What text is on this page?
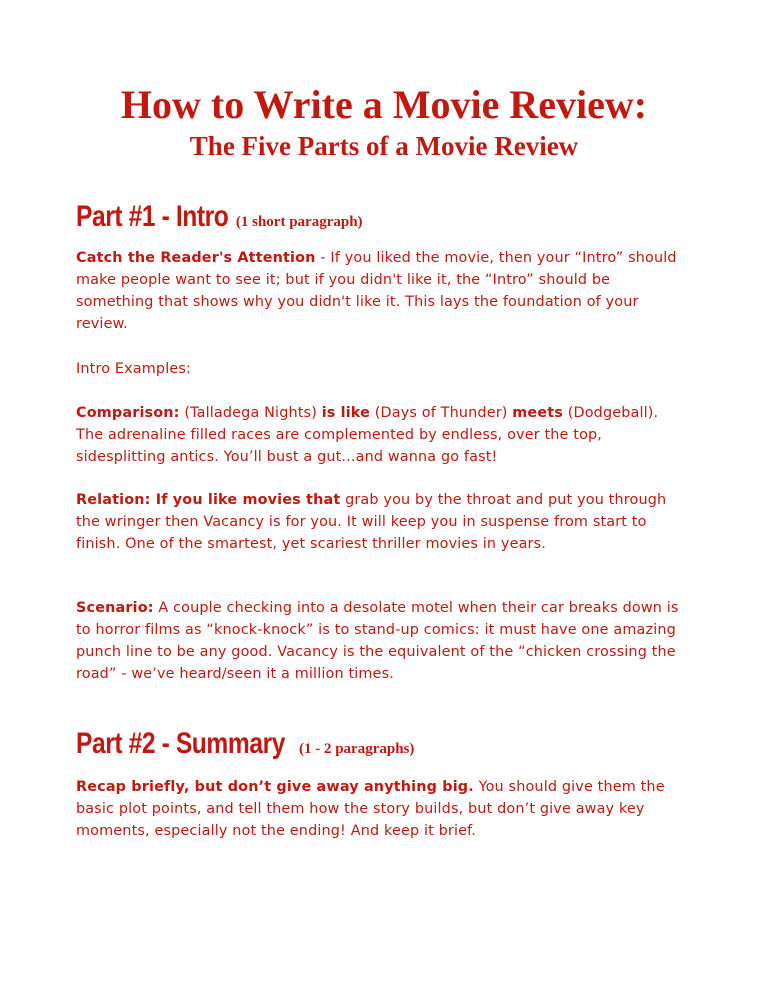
How to Write a Movie Review:
The Five Parts of a Movie Review
Part #1 - Intro (1 short paragraph)

Catch the Reader's Attention - If you liked the movie, then your “Intro” should make people want to see it; but if you didn't like it, the “Intro” should be something that shows why you didn't like it. This lays the foundation of your review.

Intro Examples:

Comparison: (Talladega Nights) is like (Days of Thunder) meets (Dodgeball). The adrenaline filled races are complemented by endless, over the top, sidesplitting antics. You’ll bust a gut...and wanna go fast!

Relation: If you like movies that grab you by the throat and put you through the wringer then Vacancy is for you. It will keep you in suspense from start to finish. One of the smartest, yet scariest thriller movies in years.

Scenario: A couple checking into a desolate motel when their car breaks down is to horror films as “knock-knock” is to stand-up comics: it must have one amazing punch line to be any good. Vacancy is the equivalent of the “chicken crossing the road” - we’ve heard/seen it a million times.

Part #2 - Summary (1 - 2 paragraphs)

Recap briefly, but don’t give away anything big. You should give them the basic plot points, and tell them how the story builds, but don’t give away key moments, especially not the ending! And keep it brief.
